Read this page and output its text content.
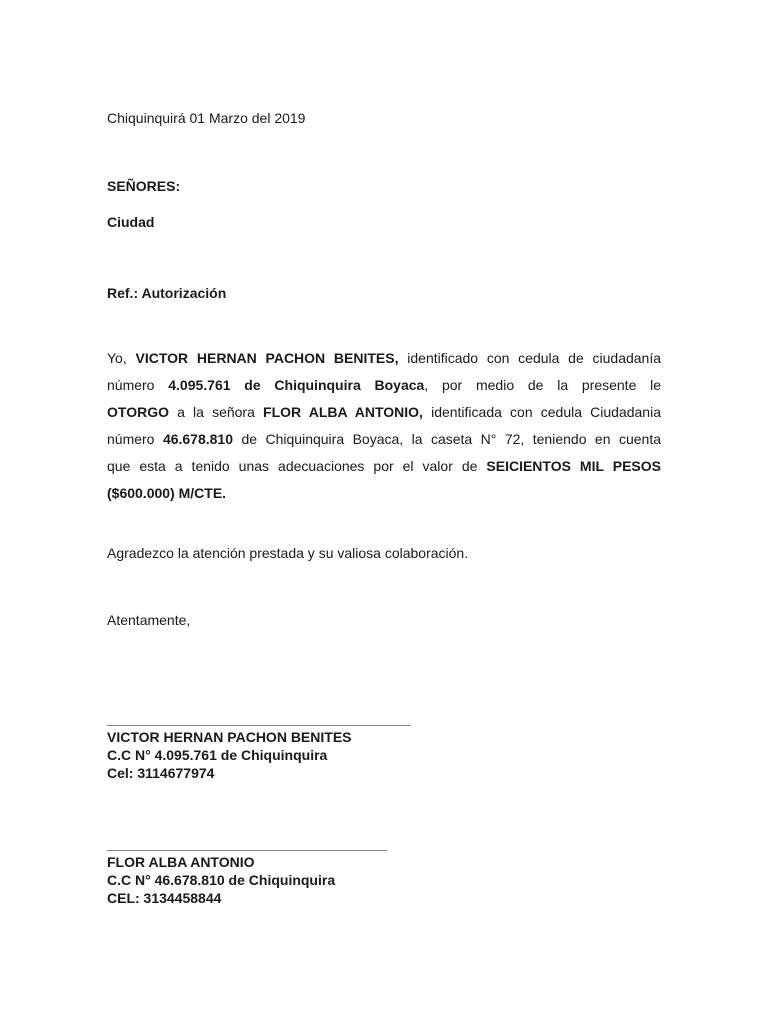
Chiquinquirá 01 Marzo del 2019
SEÑORES:
Ciudad
Ref.: Autorización
Yo, VICTOR HERNAN PACHON BENITES, identificado con cedula de ciudadanía
número 4.095.761 de Chiquinquira Boyaca, por medio de la presente le
OTORGO a la señora FLOR ALBA ANTONIO, identificada con cedula Ciudadania
número 46.678.810 de Chiquinquira Boyaca, la caseta N° 72, teniendo en cuenta
que esta a tenido unas adecuaciones por el valor de SEICIENTOS MIL PESOS
($600.000) M/CTE.
Agradezco la atención prestada y su valiosa colaboración.
Atentamente,
_______________________________________
VICTOR HERNAN PACHON BENITES
C.C N° 4.095.761 de Chiquinquira
Cel: 3114677974
____________________________________
FLOR ALBA ANTONIO
C.C N° 46.678.810 de Chiquinquira
CEL: 3134458844
